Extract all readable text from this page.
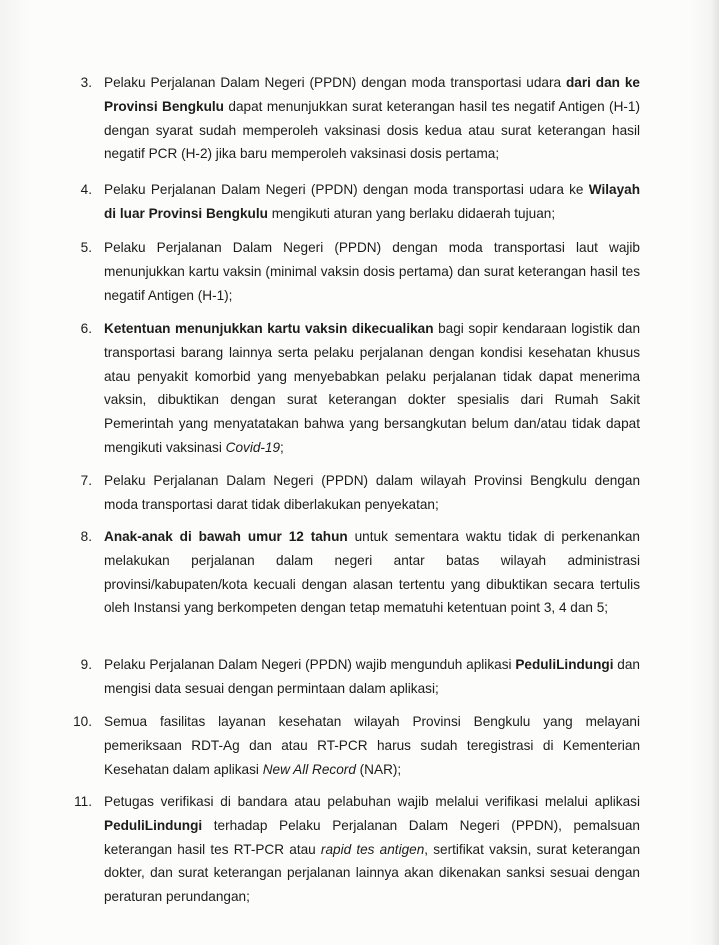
3. Pelaku Perjalanan Dalam Negeri (PPDN) dengan moda transportasi udara dari dan ke Provinsi Bengkulu dapat menunjukkan surat keterangan hasil tes negatif Antigen (H-1) dengan syarat sudah memperoleh vaksinasi dosis kedua atau surat keterangan hasil negatif PCR (H-2) jika baru memperoleh vaksinasi dosis pertama;

4. Pelaku Perjalanan Dalam Negeri (PPDN) dengan moda transportasi udara ke Wilayah di luar Provinsi Bengkulu mengikuti aturan yang berlaku didaerah tujuan;

5. Pelaku Perjalanan Dalam Negeri (PPDN) dengan moda transportasi laut wajib menunjukkan kartu vaksin (minimal vaksin dosis pertama) dan surat keterangan hasil tes negatif Antigen (H-1);

6. Ketentuan menunjukkan kartu vaksin dikecualikan bagi sopir kendaraan logistik dan transportasi barang lainnya serta pelaku perjalanan dengan kondisi kesehatan khusus atau penyakit komorbid yang menyebabkan pelaku perjalanan tidak dapat menerima vaksin, dibuktikan dengan surat keterangan dokter spesialis dari Rumah Sakit Pemerintah yang menyatatakan bahwa yang bersangkutan belum dan/atau tidak dapat mengikuti vaksinasi Covid-19;

7. Pelaku Perjalanan Dalam Negeri (PPDN) dalam wilayah Provinsi Bengkulu dengan moda transportasi darat tidak diberlakukan penyekatan;

8. Anak-anak di bawah umur 12 tahun untuk sementara waktu tidak di perkenankan melakukan perjalanan dalam negeri antar batas wilayah administrasi provinsi/kabupaten/kota kecuali dengan alasan tertentu yang dibuktikan secara tertulis oleh Instansi yang berkompeten dengan tetap mematuhi ketentuan point 3, 4 dan 5;

9. Pelaku Perjalanan Dalam Negeri (PPDN) wajib mengunduh aplikasi PeduliLindungi dan mengisi data sesuai dengan permintaan dalam aplikasi;

10. Semua fasilitas layanan kesehatan wilayah Provinsi Bengkulu yang melayani pemeriksaan RDT-Ag dan atau RT-PCR harus sudah teregistrasi di Kementerian Kesehatan dalam aplikasi New All Record (NAR);

11. Petugas verifikasi di bandara atau pelabuhan wajib melalui verifikasi melalui aplikasi PeduliLindungi terhadap Pelaku Perjalanan Dalam Negeri (PPDN), pemalsuan keterangan hasil tes RT-PCR atau rapid tes antigen, sertifikat vaksin, surat keterangan dokter, dan surat keterangan perjalanan lainnya akan dikenakan sanksi sesuai dengan peraturan perundangan;
